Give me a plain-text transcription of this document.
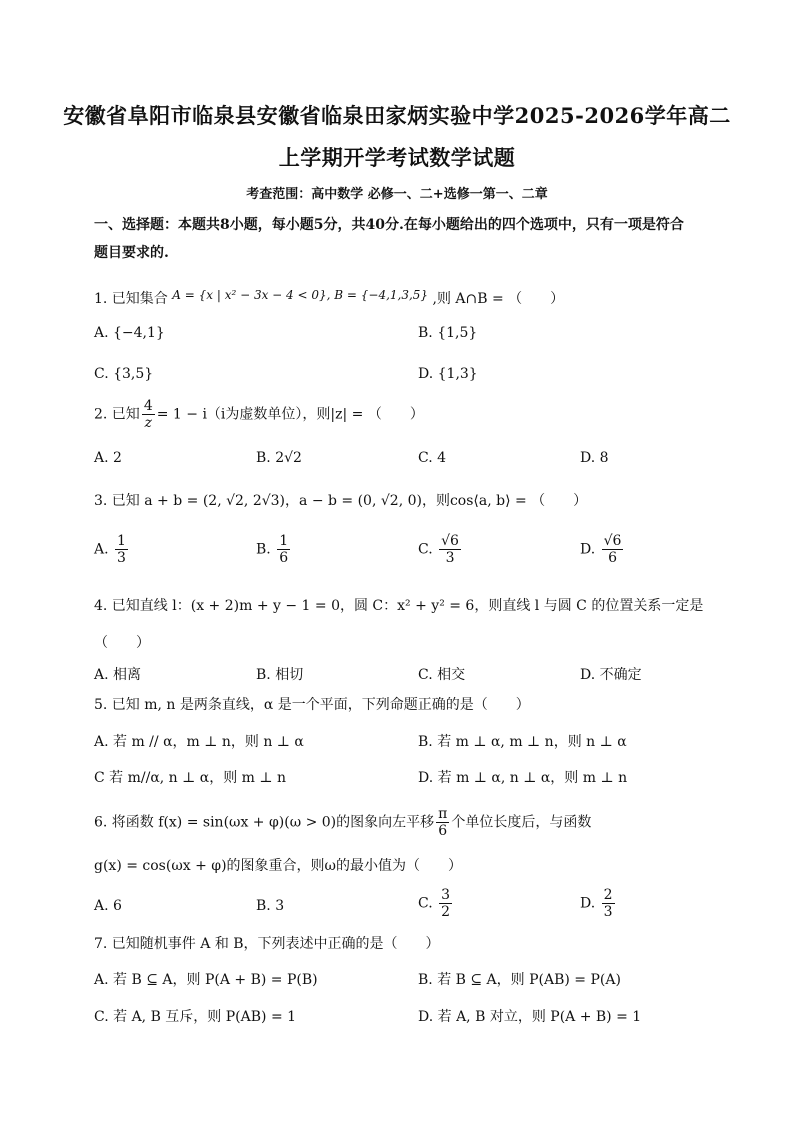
安徽省阜阳市临泉县安徽省临泉田家炳实验中学2025-2026学年高二
上学期开学考试数学试题
考查范围：高中数学 必修一、二+选修一第一、二章
一、选择题：本题共8小题，每小题5分，共40分.在每小题给出的四个选项中，只有一项是符合
题目要求的.
1. 已知集合 A = {x | x² − 3x − 4 < 0}, B = {−4,1,3,5} ,则 A∩B = （　　）
A. {−4,1}	B. {1,5}
C. {3,5}	D. {1,3}
2. 已知 $\frac{4}{z} = 1 - i(i$为虚数单位），则|z| = （　　）
A. 2	B. 2√2	C. 4	D. 8
3. 已知 a + b = (2, √2, 2√3)，a − b = (0, √2, 0)，则cos⟨a, b⟩ = （　　）
A. $\frac{1}{3}$	B. $\frac{1}{6}$	C. $\frac{√6}{3}$	D. $\frac{√6}{6}$
4. 已知直线 l：(x + 2)m + y − 1 = 0，圆 C：x² + y² = 6，则直线 l 与圆 C 的位置关系一定是
（　　）
A. 相离	B. 相切	C. 相交	D. 不确定
5. 已知 m, n 是两条直线，α 是一个平面，下列命题正确的是（　　）
A. 若 m // α，m ⊥ n，则 n ⊥ α	B. 若 m ⊥ α, m ⊥ n，则 n ⊥ α
C 若 m//α, n ⊥ α，则 m ⊥ n	D. 若 m ⊥ α, n ⊥ α，则 m ⊥ n
6. 将函数 f(x) = sin(ωx + φ)(ω > 0)的图象向左平移 $\frac{\pi}{6}$ 个单位长度后，与函数
g(x) = cos(ωx + φ)的图象重合，则ω的最小值为（　　）
A. 6	B. 3	C. $\frac{3}{2}$	D. $\frac{2}{3}$
7. 已知随机事件 A 和 B，下列表述中正确的是（　　）
A. 若 B ⊆ A，则 P(A + B) = P(B)	B. 若 B ⊆ A，则 P(AB) = P(A)
C. 若 A, B 互斥，则 P(AB) = 1	D. 若 A, B 对立，则 P(A + B) = 1
